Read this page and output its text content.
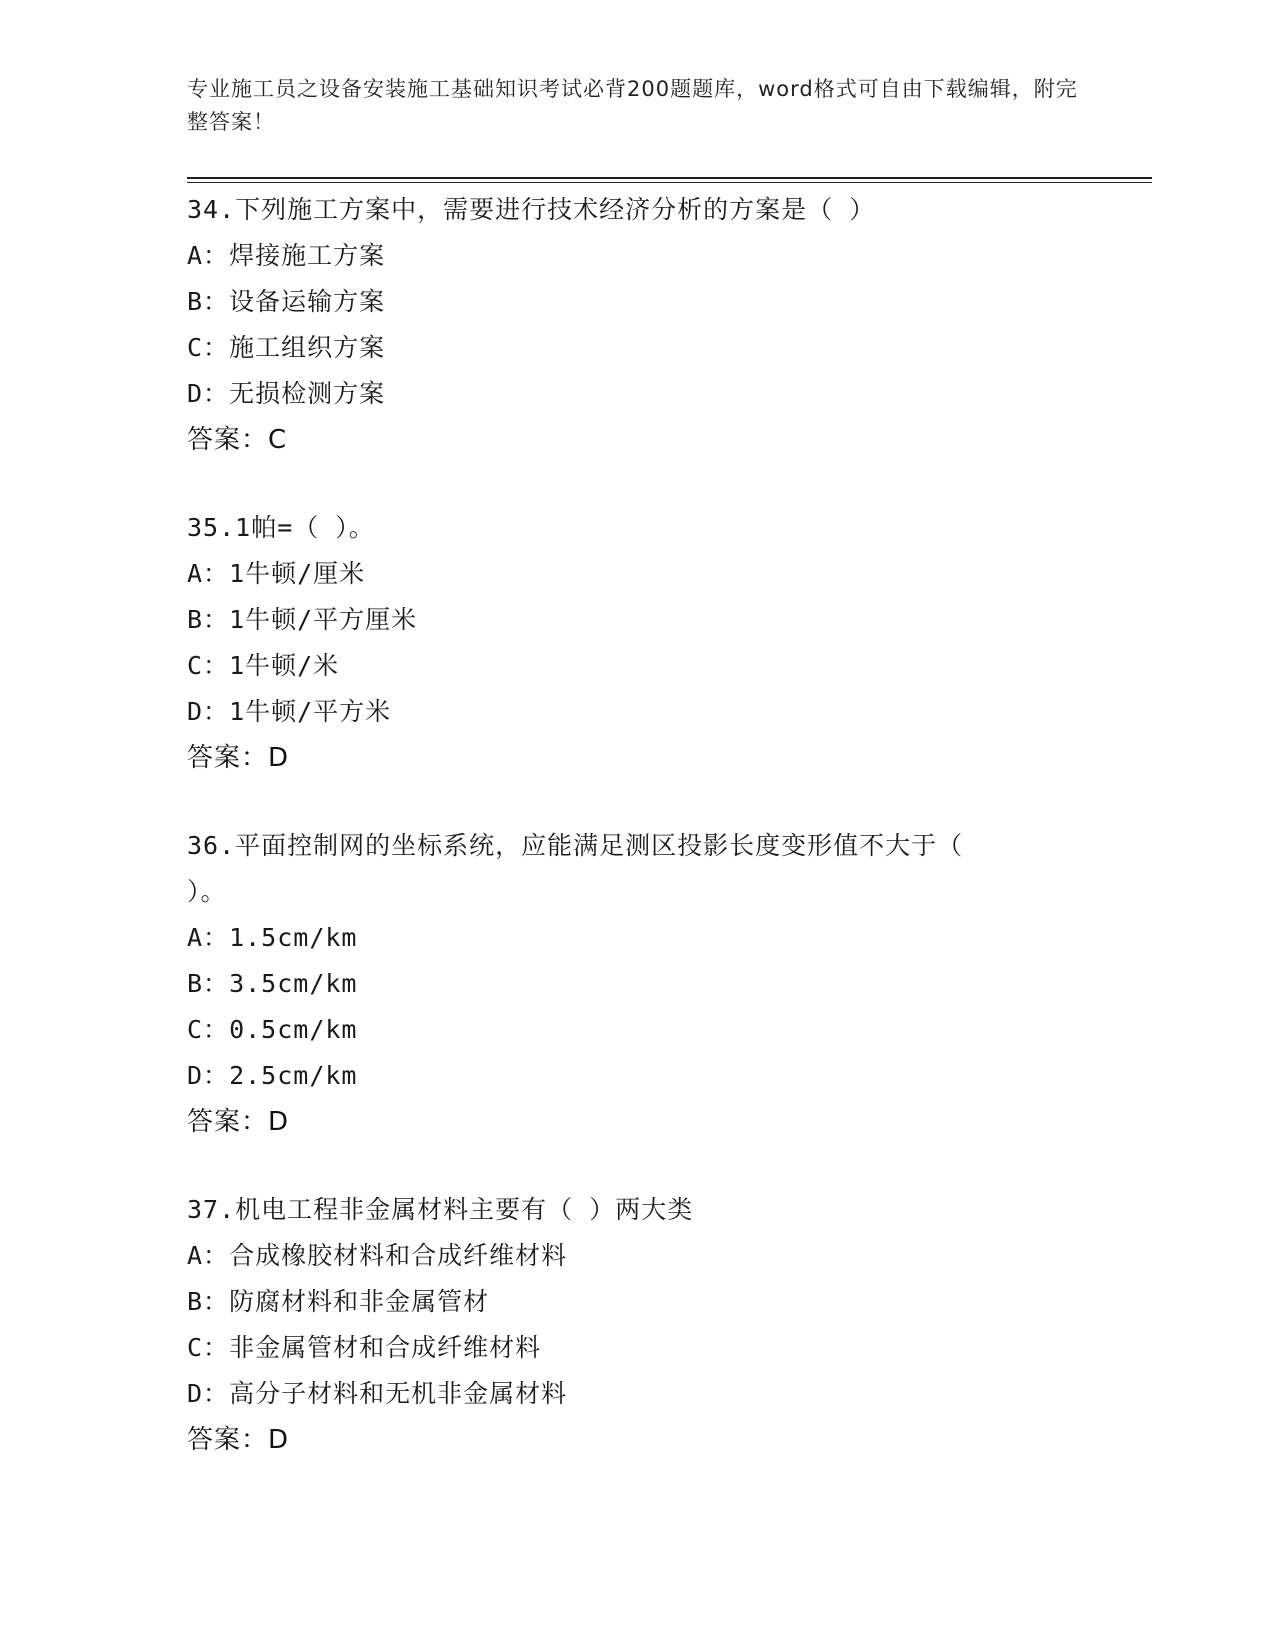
专业施工员之设备安装施工基础知识考试必背200题题库，word格式可自由下载编辑，附完整答案！
34.下列施工方案中，需要进行技术经济分析的方案是（ ）
A： 焊接施工方案
B： 设备运输方案
C： 施工组织方案
D： 无损检测方案
答案：C
35.1帕=（ ）。
A： 1牛顿/厘米
B： 1牛顿/平方厘米
C： 1牛顿/米
D： 1牛顿/平方米
答案：D
36.平面控制网的坐标系统，应能满足测区投影长度变形值不大于（ ）。
A： 1.5cm/km
B： 3.5cm/km
C： 0.5cm/km
D： 2.5cm/km
答案：D
37.机电工程非金属材料主要有（ ）两大类
A： 合成橡胶材料和合成纤维材料
B： 防腐材料和非金属管材
C： 非金属管材和合成纤维材料
D： 高分子材料和无机非金属材料
答案：D
